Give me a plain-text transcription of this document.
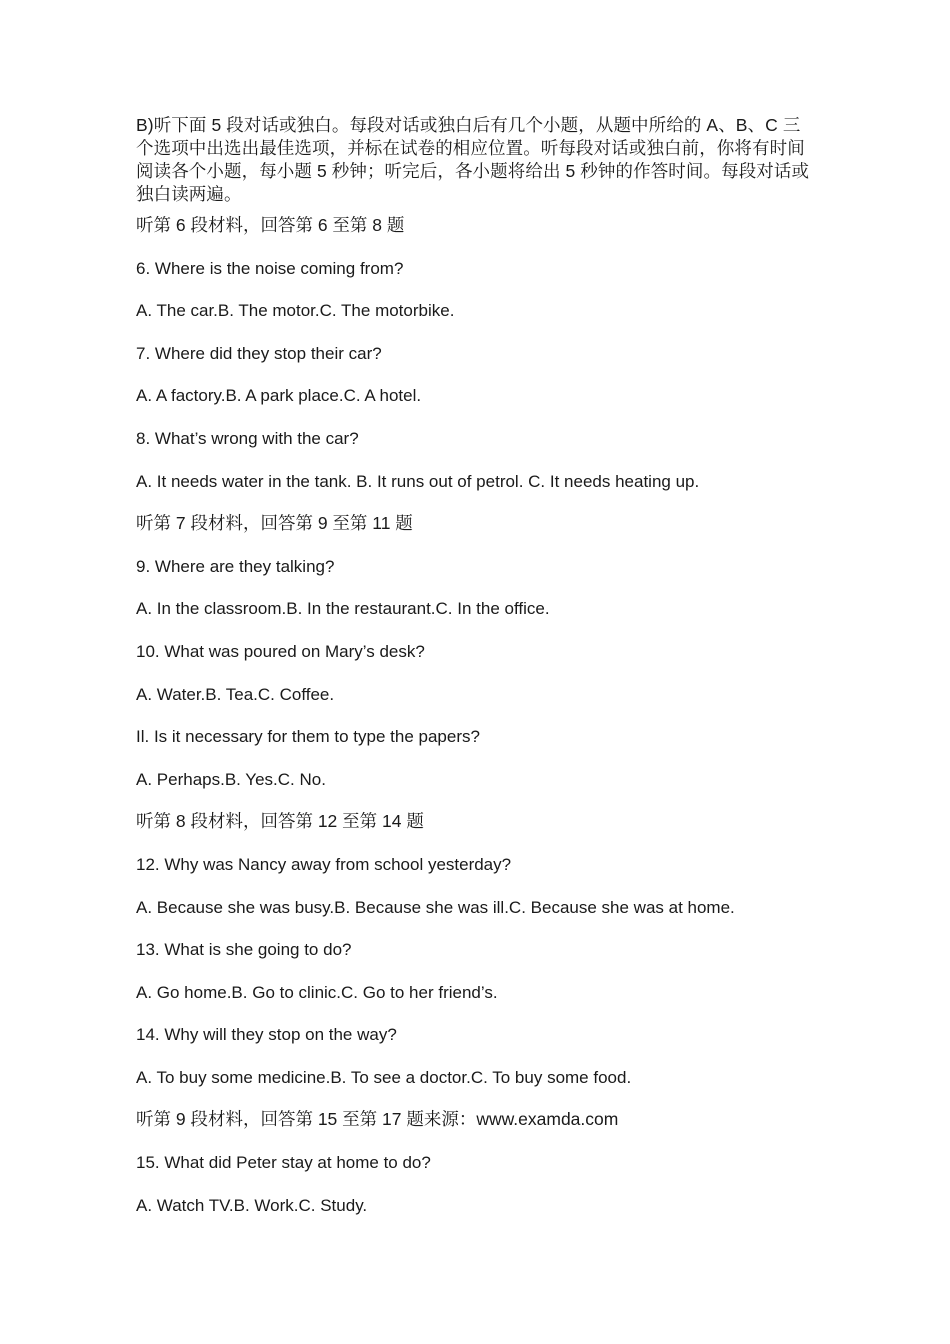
B)听下面 5 段对话或独白。每段对话或独白后有几个小题，从题中所给的 A、B、C 三个选项中出选出最佳选项，并标在试卷的相应位置。听每段对话或独白前，你将有时间阅读各个小题，每小题 5 秒钟；听完后，各小题将给出 5 秒钟的作答时间。每段对话或独白读两遍。

听第 6 段材料，回答第 6 至第 8 题

6. Where is the noise coming from?

A. The car.B. The motor.C. The motorbike.

7. Where did they stop their car?

A. A factory.B. A park place.C. A hotel.

8. What’s wrong with the car?

A. It needs water in the tank. B. It runs out of petrol. C. It needs heating up.

听第 7 段材料，回答第 9 至第 11 题

9. Where are they talking?

A. In the classroom.B. In the restaurant.C. In the office.

10. What was poured on Mary’s desk?

A. Water.B. Tea.C. Coffee.

Il. Is it necessary for them to type the papers?

A. Perhaps.B. Yes.C. No.

听第 8 段材料，回答第 12 至第 14 题

12. Why was Nancy away from school yesterday?

A. Because she was busy.B. Because she was ill.C. Because she was at home.

13. What is she going to do?

A. Go home.B. Go to clinic.C. Go to her friend’s.

14. Why will they stop on the way?

A. To buy some medicine.B. To see a doctor.C. To buy some food.

听第 9 段材料，回答第 15 至第 17 题来源：www.examda.com

15. What did Peter stay at home to do?

A. Watch TV.B. Work.C. Study.
